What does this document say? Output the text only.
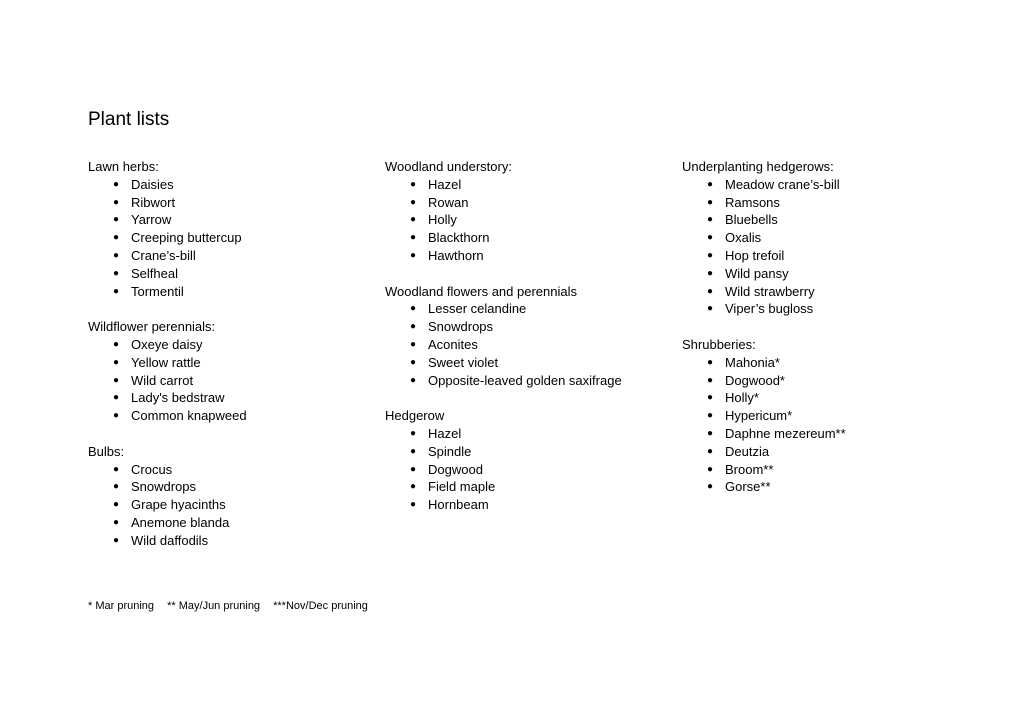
Plant lists
Lawn herbs:
● Daisies
● Ribwort
● Yarrow
● Creeping buttercup
● Crane’s-bill
● Selfheal
● Tormentil
Wildflower perennials:
● Oxeye daisy
● Yellow rattle
● Wild carrot
● Lady's bedstraw
● Common knapweed
Bulbs:
● Crocus
● Snowdrops
● Grape hyacinths
● Anemone blanda
● Wild daffodils
Woodland understory:
● Hazel
● Rowan
● Holly
● Blackthorn
● Hawthorn
Woodland flowers and perennials
● Lesser celandine
● Snowdrops
● Aconites
● Sweet violet
● Opposite-leaved golden saxifrage
Hedgerow
● Hazel
● Spindle
● Dogwood
● Field maple
● Hornbeam
Underplanting hedgerows:
● Meadow crane’s-bill
● Ramsons
● Bluebells
● Oxalis
● Hop trefoil
● Wild pansy
● Wild strawberry
● Viper’s bugloss
Shrubberies:
● Mahonia*
● Dogwood*
● Holly*
● Hypericum*
● Daphne mezereum**
● Deutzia
● Broom**
● Gorse**
* Mar pruning ** May/Jun pruning ***Nov/Dec pruning
